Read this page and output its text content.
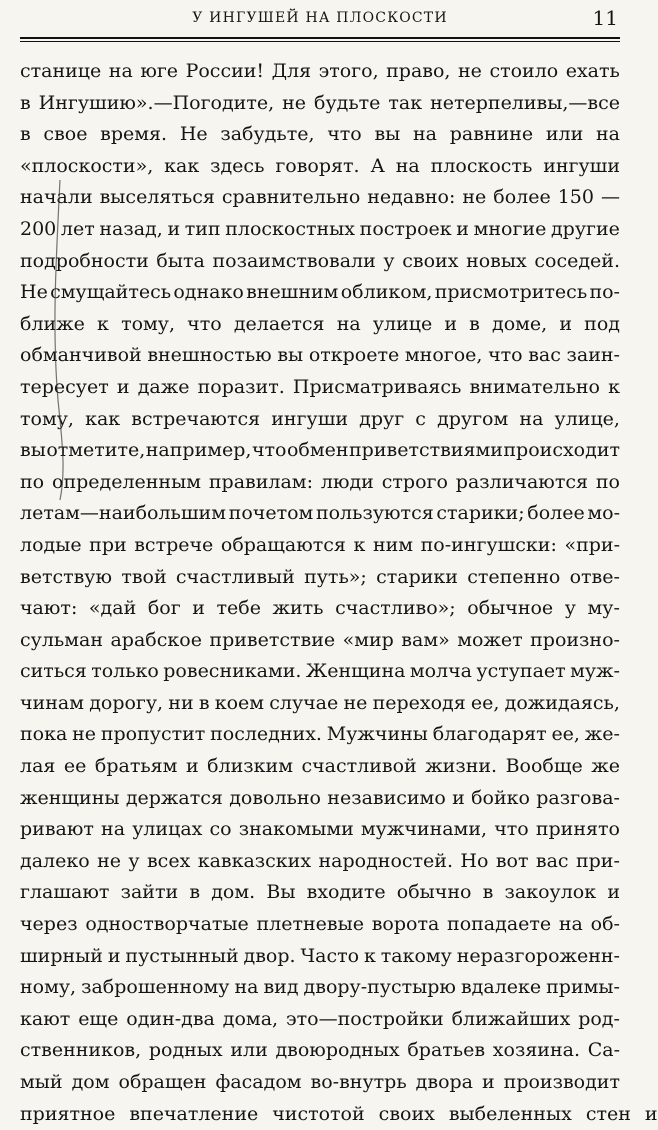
У ИНГУШЕЙ НА ПЛОСКОСТИ	11
станице на юге России! Для этого, право, не стоило ехать
в Ингушию».—Погодите, не будьте так нетерпеливы,—все
в свое время. Не забудьте, что вы на равнине или на
«плоскости», как здесь говорят. А на плоскость ингуши
начали выселяться сравнительно недавно: не более 150 —
200 лет назад, и тип плоскостных построек и многие другие
подробности быта позаимствовали у своих новых соседей.
Не смущайтесь однако внешним обликом, присмотритесь по-
ближе к тому, что делается на улице и в доме, и под
обманчивой внешностью вы откроете многое, что вас заин-
тересует и даже поразит. Присматриваясь внимательно к
тому, как встречаются ингуши друг с другом на улице,
вы отметите, например, что обмен приветствиями происходит
по определенным правилам: люди строго различаются по
летам—наибольшим почетом пользуются старики; более мо-
лодые при встрече обращаются к ним по-ингушски: «при-
ветствую твой счастливый путь»; старики степенно отве-
чают: «дай бог и тебе жить счастливо»; обычное у му-
сульман арабское приветствие «мир вам» может произно-
ситься только ровесниками. Женщина молча уступает муж-
чинам дорогу, ни в коем случае не переходя ее, дожидаясь,
пока не пропустит последних. Мужчины благодарят ее, же-
лая ее братьям и близким счастливой жизни. Вообще же
женщины держатся довольно независимо и бойко разгова-
ривают на улицах со знакомыми мужчинами, что принято
далеко не у всех кавказских народностей. Но вот вас при-
глашают зайти в дом. Вы входите обычно в закоулок и
через одностворчатые плетневые ворота попадаете на об-
ширный и пустынный двор. Часто к такому неразгороженн-
ному, заброшенному на вид двору-пустырю вдалеке примы-
кают еще один-два дома, это—постройки ближайших род-
ственников, родных или двоюродных братьев хозяина. Са-
мый дом обращен фасадом во-внутрь двора и производит
приятное впечатление чистотой своих выбеленных стен и
